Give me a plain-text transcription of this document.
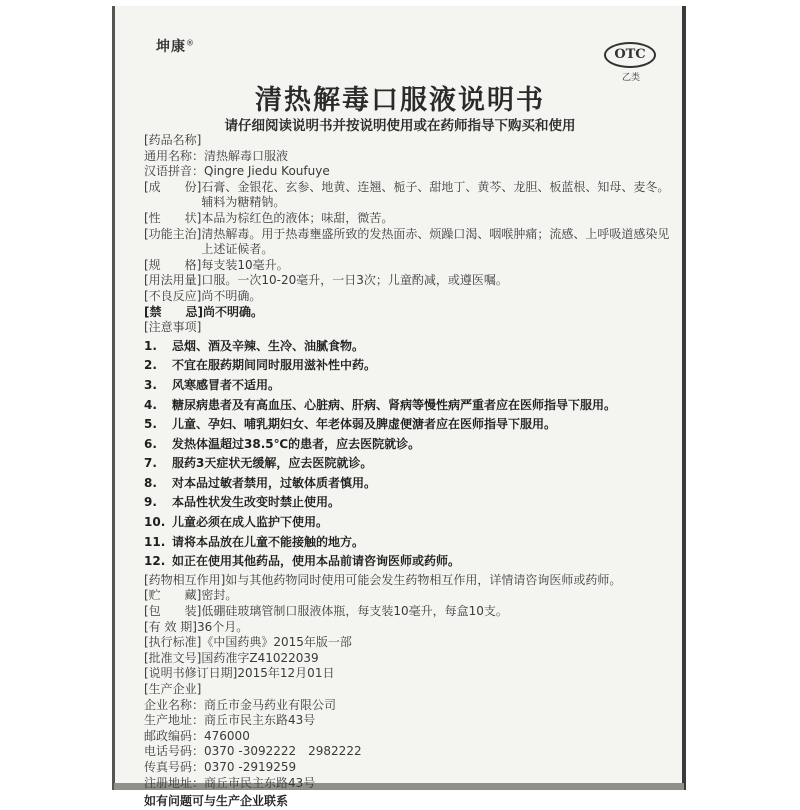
坤康®
OTC
乙类
清热解毒口服液说明书
请仔细阅读说明书并按说明使用或在药师指导下购买和使用
[药品名称]
通用名称： 清热解毒口服液
汉语拼音： Qingre Jiedu Koufuye
[成　　份] 石膏、金银花、玄参、地黄、连翘、栀子、甜地丁、黄芩、龙胆、板蓝根、知母、麦冬。辅料为糖精钠。
[性　　状] 本品为棕红色的液体；味甜，微苦。
[功能主治] 清热解毒。用于热毒壅盛所致的发热面赤、烦躁口渴、咽喉肿痛；流感、上呼吸道感染见上述证候者。
[规　　格] 每支装10毫升。
[用法用量] 口服。一次10-20毫升，一日3次；儿童酌减，或遵医嘱。
[不良反应] 尚不明确。
[禁　　忌] 尚不明确。
[注意事项]
1.	忌烟、酒及辛辣、生冷、油腻食物。
2.	不宜在服药期间同时服用滋补性中药。
3.	风寒感冒者不适用。
4.	糖尿病患者及有高血压、心脏病、肝病、肾病等慢性病严重者应在医师指导下服用。
5.	儿童、孕妇、哺乳期妇女、年老体弱及脾虚便溏者应在医师指导下服用。
6.	发热体温超过38.5℃的患者，应去医院就诊。
7.	服药3天症状无缓解，应去医院就诊。
8.	对本品过敏者禁用，过敏体质者慎用。
9.	本品性状发生改变时禁止使用。
10. 儿童必须在成人监护下使用。
11. 请将本品放在儿童不能接触的地方。
12. 如正在使用其他药品，使用本品前请咨询医师或药师。
[药物相互作用] 如与其他药物同时使用可能会发生药物相互作用，详情请咨询医师或药师。
[贮　　藏] 密封。
[包　　装] 低硼硅玻璃管制口服液体瓶，每支装10毫升，每盒10支。
[有 效 期] 36个月。
[执行标准] 《中国药典》2015年版一部
[批准文号] 国药准字Z41022039
[说明书修订日期] 2015年12月01日
[生产企业]
企业名称： 商丘市金马药业有限公司
生产地址： 商丘市民主东路43号
邮政编码： 476000
电话号码： 0370 -3092222　2982222
传真号码： 0370 -2919259
注册地址： 商丘市民主东路43号
如有问题可与生产企业联系
